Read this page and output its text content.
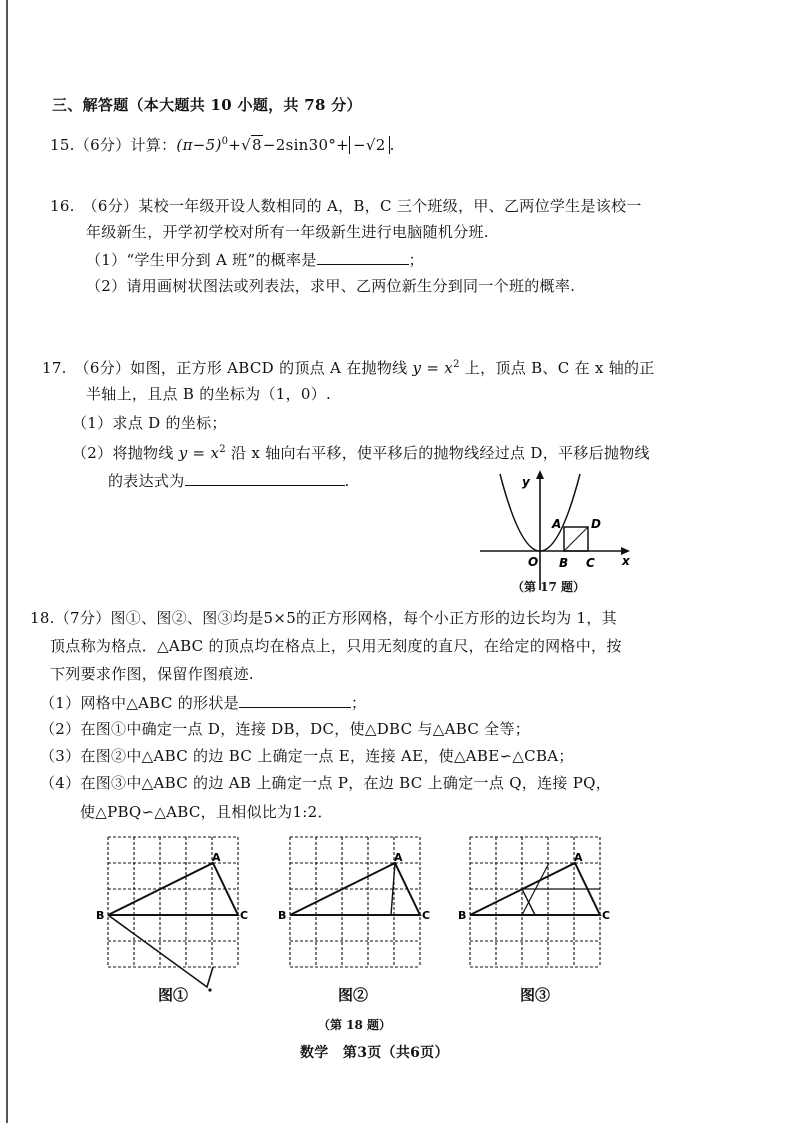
三、解答题（本大题共 10 小题，共 78 分）
15.（6分）计算：$(\pi-5)^0+√8-2\sin 30^\circ+ -√2$ .
16.　（6分）某校一年级开设人数相同的 A，B，C 三个班级，甲、乙两位学生是该校一
年级新生，开学初学校对所有一年级新生进行电脑随机分班.
（1）“学生甲分到 A 班”的概率是	；
（2）请用画树状图法或列表法，求甲、乙两位新生分到同一个班的概率.
17.　（6分）如图，正方形 ABCD 的顶点 A 在抛物线 $y = x^2$ 上，顶点 B、C 在 x 轴的正
半轴上，且点 B 的坐标为（1，0）.
（1）求点 D 的坐标；
（2）将抛物线 $y = x^2$ 沿 x 轴向右平移，使平移后的抛物线经过点 D，平移后抛物线
的表达式为	.	y
x
O
A
B C
D
（第 17 题）
18.（7分）图①、图②、图③均是5×5的正方形网格，每个小正方形的边长均为 1，其
顶点称为格点．△ABC 的顶点均在格点上，只用无刻度的直尺，在给定的网格中，按
下列要求作图，保留作图痕迹.
（1）网格中△ABC 的形状是	；
（2）在图①中确定一点 D，连接 DB，DC，使△DBC 与△ABC 全等；
（3）在图②中△ABC 的边 BC 上确定一点 E，连接 AE，使△ABE∽△CBA；
（4）在图③中△ABC 的边 AB 上确定一点 P，在边 BC 上确定一点 Q，连接 PQ，
使△PBQ∽△ABC，且相似比为1:2．
A
B	C
A
B	C
A
B	C
图①	图②	图③
（第 18 题）
数学　第3页（共6页）
